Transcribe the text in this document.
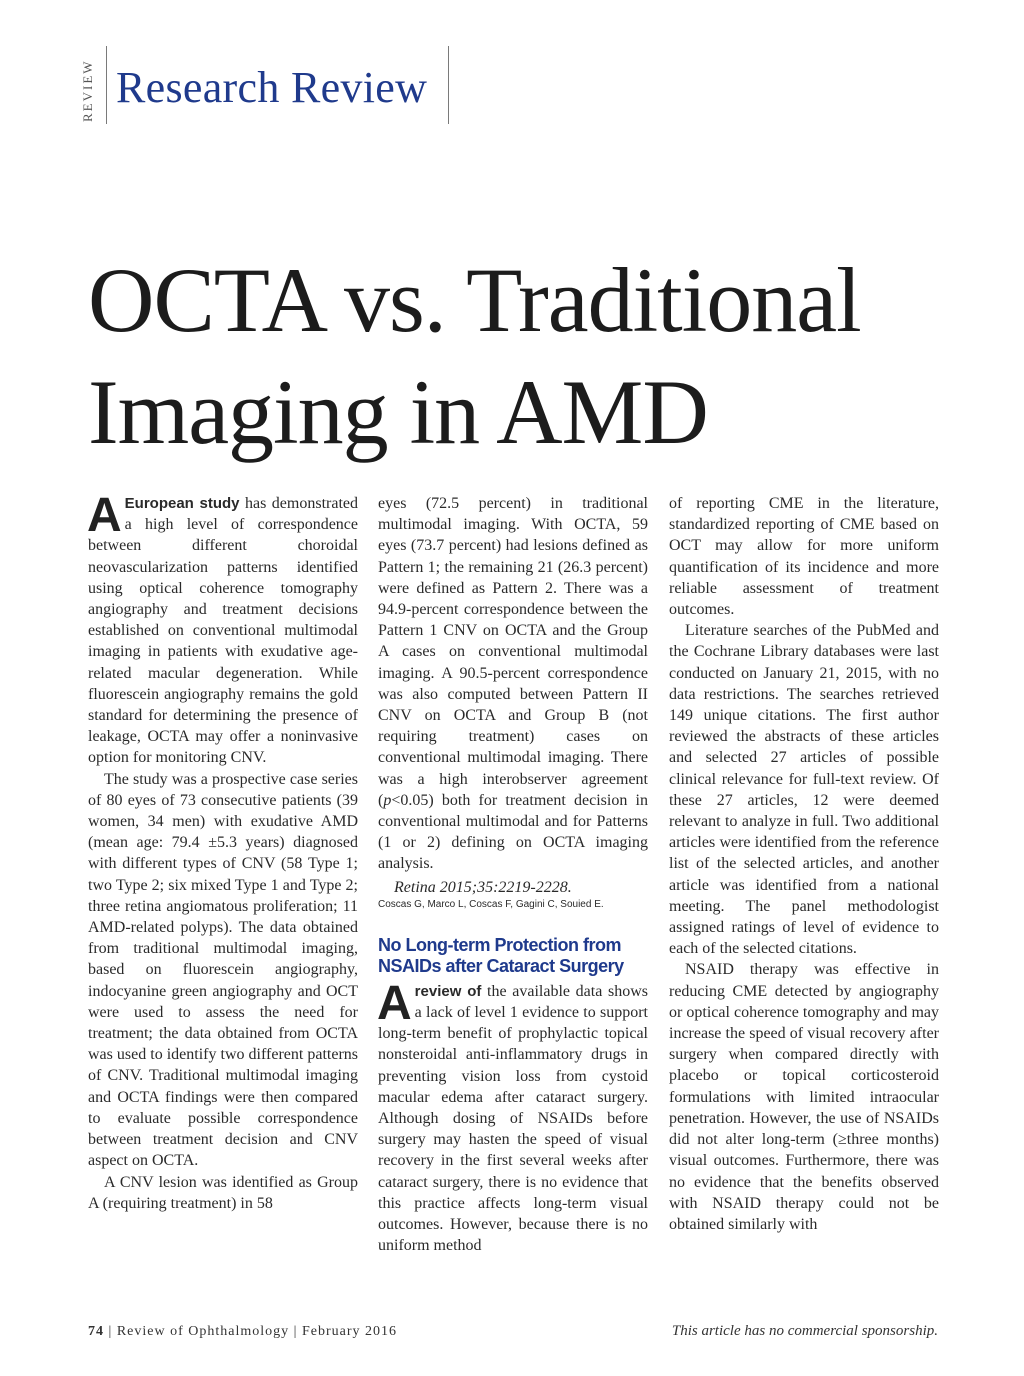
REVIEW Research Review
OCTA vs. Traditional
Imaging in AMD

A European study has demonstrated a high level of correspondence between different choroidal neovascularization patterns identified using optical coherence tomography angiography and treatment decisions established on conventional multimodal imaging in patients with exudative age-related macular degeneration. While fluorescein angiography remains the gold standard for determining the presence of leakage, OCTA may offer a noninvasive option for monitoring CNV.

The study was a prospective case series of 80 eyes of 73 consecutive patients (39 women, 34 men) with exudative AMD (mean age: 79.4 ±5.3 years) diagnosed with different types of CNV (58 Type 1; two Type 2; six mixed Type 1 and Type 2; three retina angiomatous proliferation; 11 AMD-related polyps). The data obtained from traditional multimodal imaging, based on fluorescein angiography, indocyanine green angiography and OCT were used to assess the need for treatment; the data obtained from OCTA was used to identify two different patterns of CNV. Traditional multimodal imaging and OCTA findings were then compared to evaluate possible correspondence between treatment decision and CNV aspect on OCTA.

A CNV lesion was identified as Group A (requiring treatment) in 58

eyes (72.5 percent) in traditional multimodal imaging. With OCTA, 59 eyes (73.7 percent) had lesions defined as Pattern 1; the remaining 21 (26.3 percent) were defined as Pattern 2. There was a 94.9-percent correspondence between the Pattern 1 CNV on OCTA and the Group A cases on conventional multimodal imaging. A 90.5-percent correspondence was also computed between Pattern II CNV on OCTA and Group B (not requiring treatment) cases on conventional multimodal imaging. There was a high interobserver agreement (p<0.05) both for treatment decision in conventional multimodal and for Patterns (1 or 2) defining on OCTA imaging analysis.

Retina 2015;35:2219-2228.

Coscas G, Marco L, Coscas F, Gagini C, Souied E.

No Long-term Protection from NSAIDs after Cataract Surgery

Areview of the available data shows a lack of level 1 evidence to support long-term benefit of prophylactic topical nonsteroidal anti-inflammatory drugs in preventing vision loss from cystoid macular edema after cataract surgery. Although dosing of NSAIDs before surgery may hasten the speed of visual recovery in the first several weeks after cataract surgery, there is no evidence that this practice affects long-term visual outcomes. However, because there is no uniform method

of reporting CME in the literature, standardized reporting of CME based on OCT may allow for more uniform quantification of its incidence and more reliable assessment of treatment outcomes.

Literature searches of the PubMed and the Cochrane Library databases were last conducted on January 21, 2015, with no data restrictions. The searches retrieved 149 unique citations. The first author reviewed the abstracts of these articles and selected 27 articles of possible clinical relevance for full-text review. Of these 27 articles, 12 were deemed relevant to analyze in full. Two additional articles were identified from the reference list of the selected articles, and another article was identified from a national meeting. The panel methodologist assigned ratings of level of evidence to each of the selected citations.

NSAID therapy was effective in reducing CME detected by angiography or optical coherence tomography and may increase the speed of visual recovery after surgery when compared directly with placebo or topical corticosteroid formulations with limited intraocular penetration. However, the use of NSAIDs did not alter long-term (≥three months) visual outcomes. Furthermore, there was no evidence that the benefits observed with NSAID therapy could not be obtained similarly with

74 | Review of Ophthalmology | February 2016	This article has no commercial sponsorship.
